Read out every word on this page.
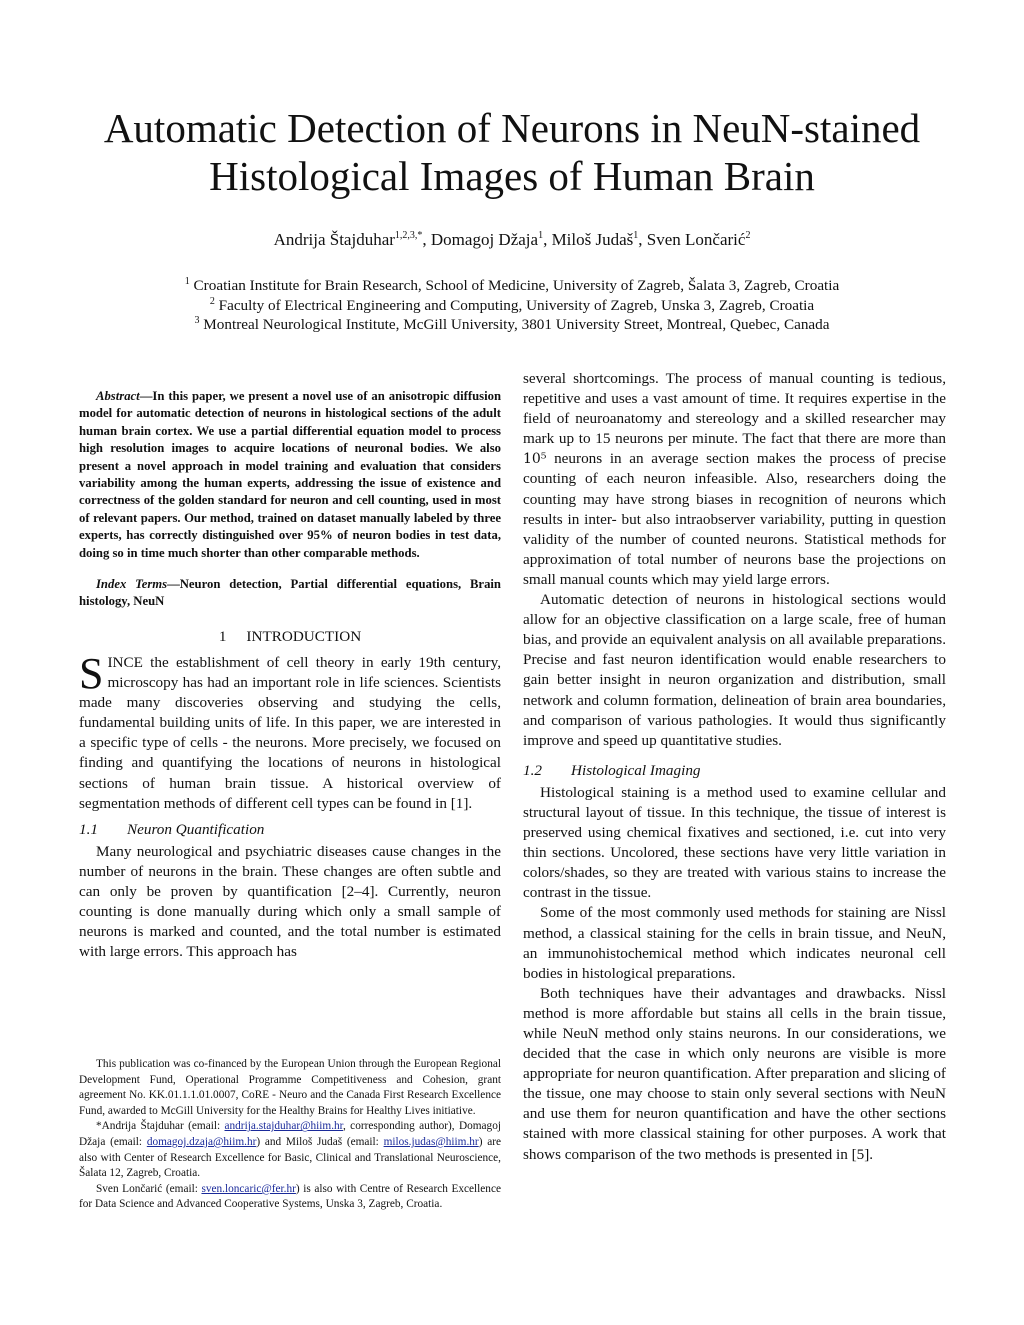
Automatic Detection of Neurons in NeuN-stained
Histological Images of Human Brain
Andrija Štajduhar$^{1,2,3,*}$, Domagoj Džaja$^1$, Miloš Judaš$^1$, Sven Lončarić$^2$
$^1$ Croatian Institute for Brain Research, School of Medicine, University of Zagreb, Šalata 3, Zagreb, Croatia
$^2$ Faculty of Electrical Engineering and Computing, University of Zagreb, Unska 3, Zagreb, Croatia
$^3$ Montreal Neurological Institute, McGill University, 3801 University Street, Montreal, Quebec, Canada

Abstract—In this paper, we present a novel use of an anisotropic diffusion model for automatic detection of neurons in histological sections of the adult human brain cortex. We use a partial differential equation model to process high resolution images to acquire locations of neuronal bodies. We also present a novel approach in model training and evaluation that considers variability among the human experts, addressing the issue of existence and correctness of the golden standard for neuron and cell counting, used in most of relevant papers. Our method, trained on dataset manually labeled by three experts, has correctly distinguished over 95% of neuron bodies in test data, doing so in time much shorter than other comparable methods.

Index Terms—Neuron detection, Partial differential equations, Brain histology, NeuN

1 INTRODUCTION

SINCE the establishment of cell theory in early 19th century, microscopy has had an important role in life sciences. Scientists made many discoveries observing and studying the cells, fundamental building units of life. In this paper, we are interested in a specific type of cells - the neurons. More precisely, we focused on finding and quantifying the locations of neurons in histological sections of human brain tissue. A historical overview of segmentation methods of different cell types can be found in [1].

1.1 Neuron Quantification

Many neurological and psychiatric diseases cause changes in the number of neurons in the brain. These changes are often subtle and can only be proven by quantification [2–4]. Currently, neuron counting is done manually during which only a small sample of neurons is marked and counted, and the total number is estimated with large errors. This approach has

This publication was co-financed by the European Union through the European Regional Development Fund, Operational Programme Competitiveness and Cohesion, grant agreement No. KK.01.1.1.01.0007, CoRE - Neuro and the Canada First Research Excellence Fund, awarded to McGill University for the Healthy Brains for Healthy Lives initiative.

*Andrija Štajduhar (email: andrija.stajduhar@hiim.hr, corresponding author), Domagoj Džaja (email: domagoj.dzaja@hiim.hr) and Miloš Judaš (email: milos.judas@hiim.hr) are also with Center of Research Excellence for Basic, Clinical and Translational Neuroscience, Šalata 12, Zagreb, Croatia.

Sven Lončarić (email: sven.loncaric@fer.hr) is also with Centre of Research Excellence for Data Science and Advanced Cooperative Systems, Unska 3, Zagreb, Croatia.

several shortcomings. The process of manual counting is tedious, repetitive and uses a vast amount of time. It requires expertise in the field of neuroanatomy and stereology and a skilled researcher may mark up to 15 neurons per minute. The fact that there are more than 10⁵ neurons in an average section makes the process of precise counting of each neuron infeasible. Also, researchers doing the counting may have strong biases in recognition of neurons which results in inter- but also intraobserver variability, putting in question validity of the number of counted neurons. Statistical methods for approximation of total number of neurons base the projections on small manual counts which may yield large errors.

Automatic detection of neurons in histological sections would allow for an objective classification on a large scale, free of human bias, and provide an equivalent analysis on all available preparations. Precise and fast neuron identification would enable researchers to gain better insight in neuron organization and distribution, small network and column formation, delineation of brain area boundaries, and comparison of various pathologies. It would thus significantly improve and speed up quantitative studies.

1.2 Histological Imaging

Histological staining is a method used to examine cellular and structural layout of tissue. In this technique, the tissue of interest is preserved using chemical fixatives and sectioned, i.e. cut into very thin sections. Uncolored, these sections have very little variation in colors/shades, so they are treated with various stains to increase the contrast in the tissue.

Some of the most commonly used methods for staining are Nissl method, a classical staining for the cells in brain tissue, and NeuN, an immunohistochemical method which indicates neuronal cell bodies in histological preparations.

Both techniques have their advantages and drawbacks. Nissl method is more affordable but stains all cells in the brain tissue, while NeuN method only stains neurons. In our considerations, we decided that the case in which only neurons are visible is more appropriate for neuron quantification. After preparation and slicing of the tissue, one may choose to stain only several sections with NeuN and use them for neuron quantification and have the other sections stained with more classical staining for other purposes. A work that shows comparison of the two methods is presented in [5].
